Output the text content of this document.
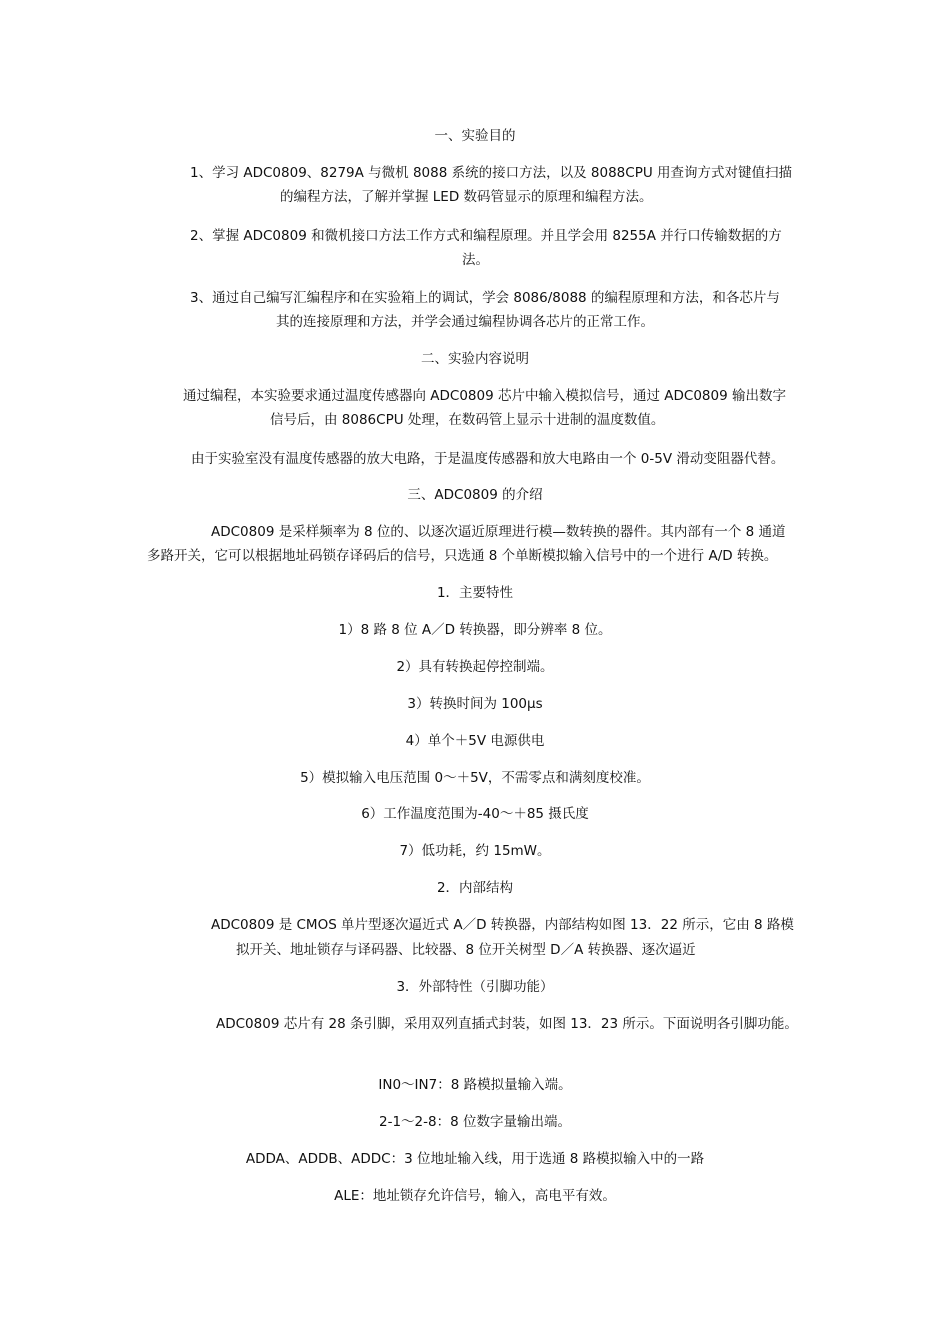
一、实验目的
1、学习 ADC0809、8279A 与微机 8088 系统的接口方法，以及 8088CPU 用查询方式对键值扫描
的编程方法，了解并掌握 LED 数码管显示的原理和编程方法。
2、掌握 ADC0809 和微机接口方法工作方式和编程原理。并且学会用 8255A 并行口传输数据的方
法。
3、通过自己编写汇编程序和在实验箱上的调试，学会 8086/8088 的编程原理和方法，和各芯片与
其的连接原理和方法，并学会通过编程协调各芯片的正常工作。
二、实验内容说明
通过编程，本实验要求通过温度传感器向 ADC0809 芯片中输入模拟信号，通过 ADC0809 输出数字
信号后，由 8086CPU 处理，在数码管上显示十进制的温度数值。
由于实验室没有温度传感器的放大电路，于是温度传感器和放大电路由一个 0-5V 滑动变阻器代替。
三、ADC0809 的介绍
ADC0809 是采样频率为 8 位的、以逐次逼近原理进行模—数转换的器件。其内部有一个 8 通道
多路开关，它可以根据地址码锁存译码后的信号，只选通 8 个单断模拟输入信号中的一个进行 A/D 转换。
1．主要特性
1）8 路 8 位 A／D 转换器，即分辨率 8 位。
2）具有转换起停控制端。
3）转换时间为 100μs
4）单个＋5V 电源供电
5）模拟输入电压范围 0～＋5V，不需零点和满刻度校准。
6）工作温度范围为-40～＋85 摄氏度
7）低功耗，约 15mW。
2．内部结构
ADC0809 是 CMOS 单片型逐次逼近式 A／D 转换器，内部结构如图 13．22 所示，它由 8 路模
拟开关、地址锁存与译码器、比较器、8 位开关树型 D／A 转换器、逐次逼近
3．外部特性（引脚功能）
ADC0809 芯片有 28 条引脚，采用双列直插式封装，如图 13．23 所示。下面说明各引脚功能。
IN0～IN7：8 路模拟量输入端。
2-1～2-8：8 位数字量输出端。
ADDA、ADDB、ADDC：3 位地址输入线，用于选通 8 路模拟输入中的一路
ALE：地址锁存允许信号，输入，高电平有效。
